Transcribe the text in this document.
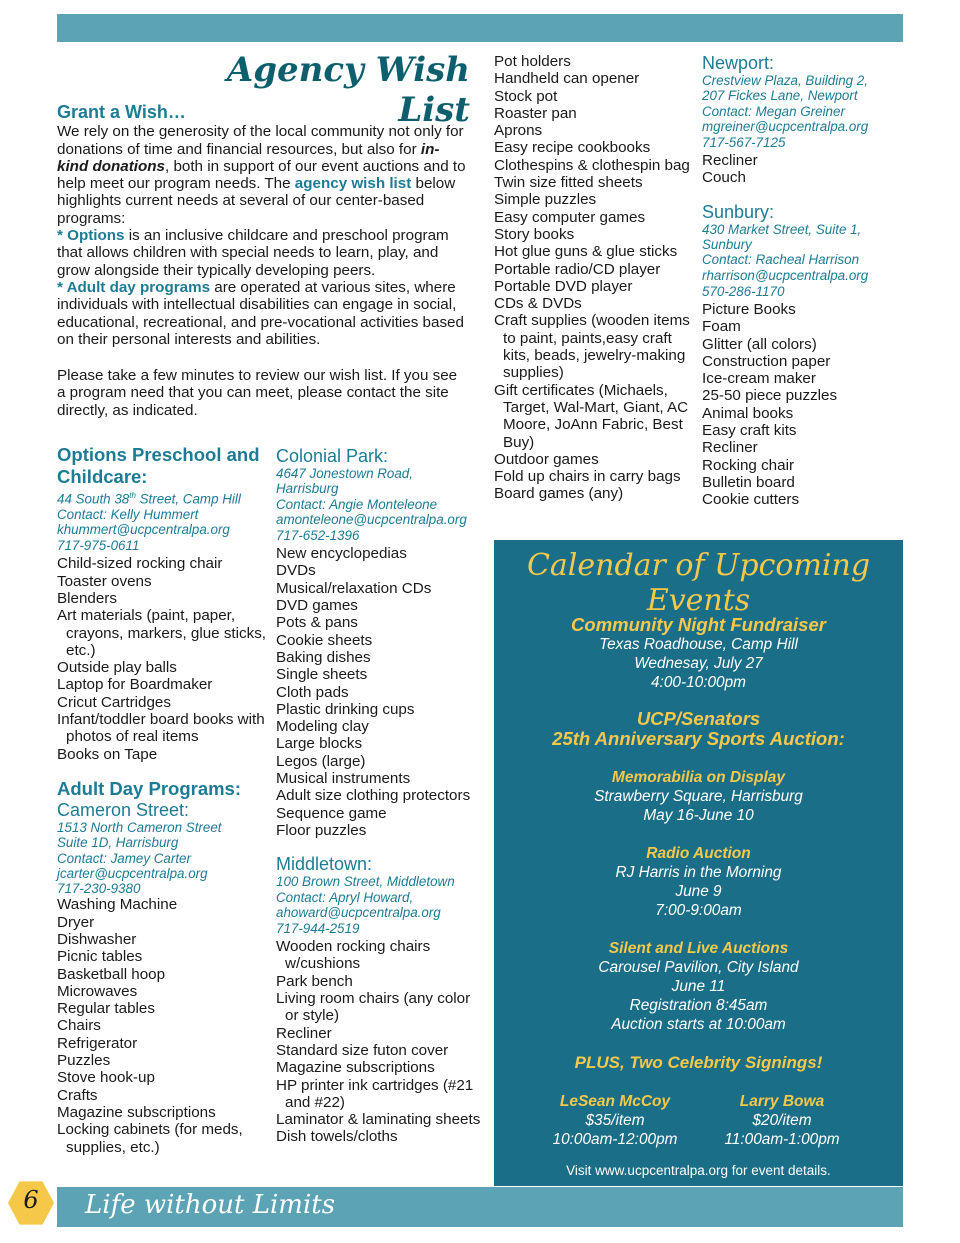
Agency Wish List
Grant a Wish…
We rely on the generosity of the local community not only for donations of time and financial resources, but also for in-kind donations, both in support of our event auctions and to help meet our program needs. The agency wish list below highlights current needs at several of our center-based programs:
* Options is an inclusive childcare and preschool program that allows children with special needs to learn, play, and grow alongside their typically developing peers.
* Adult day programs are operated at various sites, where individuals with intellectual disabilities can engage in social, educational, recreational, and pre-vocational activities based on their personal interests and abilities.
Please take a few minutes to review our wish list. If you see a program need that you can meet, please contact the site directly, as indicated.
Options Preschool and Childcare:
44 South 38th Street, Camp Hill
Contact: Kelly Hummert
khummert@ucpcentralpa.org
717-975-0611
Child-sized rocking chair
Toaster ovens
Blenders
Art materials (paint, paper, crayons, markers, glue sticks, etc.)
Outside play balls
Laptop for Boardmaker
Cricut Cartridges
Infant/toddler board books with photos of real items
Books on Tape
Adult Day Programs:
Cameron Street:
1513 North Cameron Street
Suite 1D, Harrisburg
Contact: Jamey Carter
jcarter@ucpcentralpa.org
717-230-9380
Washing Machine
Dryer
Dishwasher
Picnic tables
Basketball hoop
Microwaves
Regular tables
Chairs
Refrigerator
Puzzles
Stove hook-up
Crafts
Magazine subscriptions
Locking cabinets (for meds, supplies, etc.)
Colonial Park:
4647 Jonestown Road,
Harrisburg
Contact: Angie Monteleone
amonteleone@ucpcentralpa.org
717-652-1396
New encyclopedias
DVDs
Musical/relaxation CDs
DVD games
Pots & pans
Cookie sheets
Baking dishes
Single sheets
Cloth pads
Plastic drinking cups
Modeling clay
Large blocks
Legos (large)
Musical instruments
Adult size clothing protectors
Sequence game
Floor puzzles
Middletown:
100 Brown Street, Middletown
Contact: Apryl Howard,
ahoward@ucpcentralpa.org
717-944-2519
Wooden rocking chairs w/cushions
Park bench
Living room chairs (any color or style)
Recliner
Standard size futon cover
Magazine subscriptions
HP printer ink cartridges (#21 and #22)
Laminator & laminating sheets
Dish towels/cloths
Pot holders
Handheld can opener
Stock pot
Roaster pan
Aprons
Easy recipe cookbooks
Clothespins & clothespin bag
Twin size fitted sheets
Simple puzzles
Easy computer games
Story books
Hot glue guns & glue sticks
Portable radio/CD player
Portable DVD player
CDs & DVDs
Craft supplies (wooden items to paint, paints,easy craft kits, beads, jewelry-making supplies)
Gift certificates (Michaels, Target, Wal-Mart, Giant, AC Moore, JoAnn Fabric, Best Buy)
Outdoor games
Fold up chairs in carry bags
Board games (any)
Newport:
Crestview Plaza, Building 2,
207 Fickes Lane, Newport
Contact: Megan Greiner
mgreiner@ucpcentralpa.org
717-567-7125
Recliner
Couch
Sunbury:
430 Market Street, Suite 1,
Sunbury
Contact: Racheal Harrison
rharrison@ucpcentralpa.org
570-286-1170
Picture Books
Foam
Glitter (all colors)
Construction paper
Ice-cream maker
25-50 piece puzzles
Animal books
Easy craft kits
Recliner
Rocking chair
Bulletin board
Cookie cutters
Calendar of Upcoming Events
Community Night Fundraiser
Texas Roadhouse, Camp Hill
Wednesay, July 27
4:00-10:00pm
UCP/Senators
25th Anniversary Sports Auction:
Memorabilia on Display
Strawberry Square, Harrisburg
May 16-June 10
Radio Auction
RJ Harris in the Morning
June 9
7:00-9:00am
Silent and Live Auctions
Carousel Pavilion, City Island
June 11
Registration 8:45am
Auction starts at 10:00am
PLUS, Two Celebrity Signings!
LeSean McCoy
$35/item
10:00am-12:00pm
Larry Bowa
$20/item
11:00am-1:00pm
Visit www.ucpcentralpa.org for event details.
6	Life without Limits
